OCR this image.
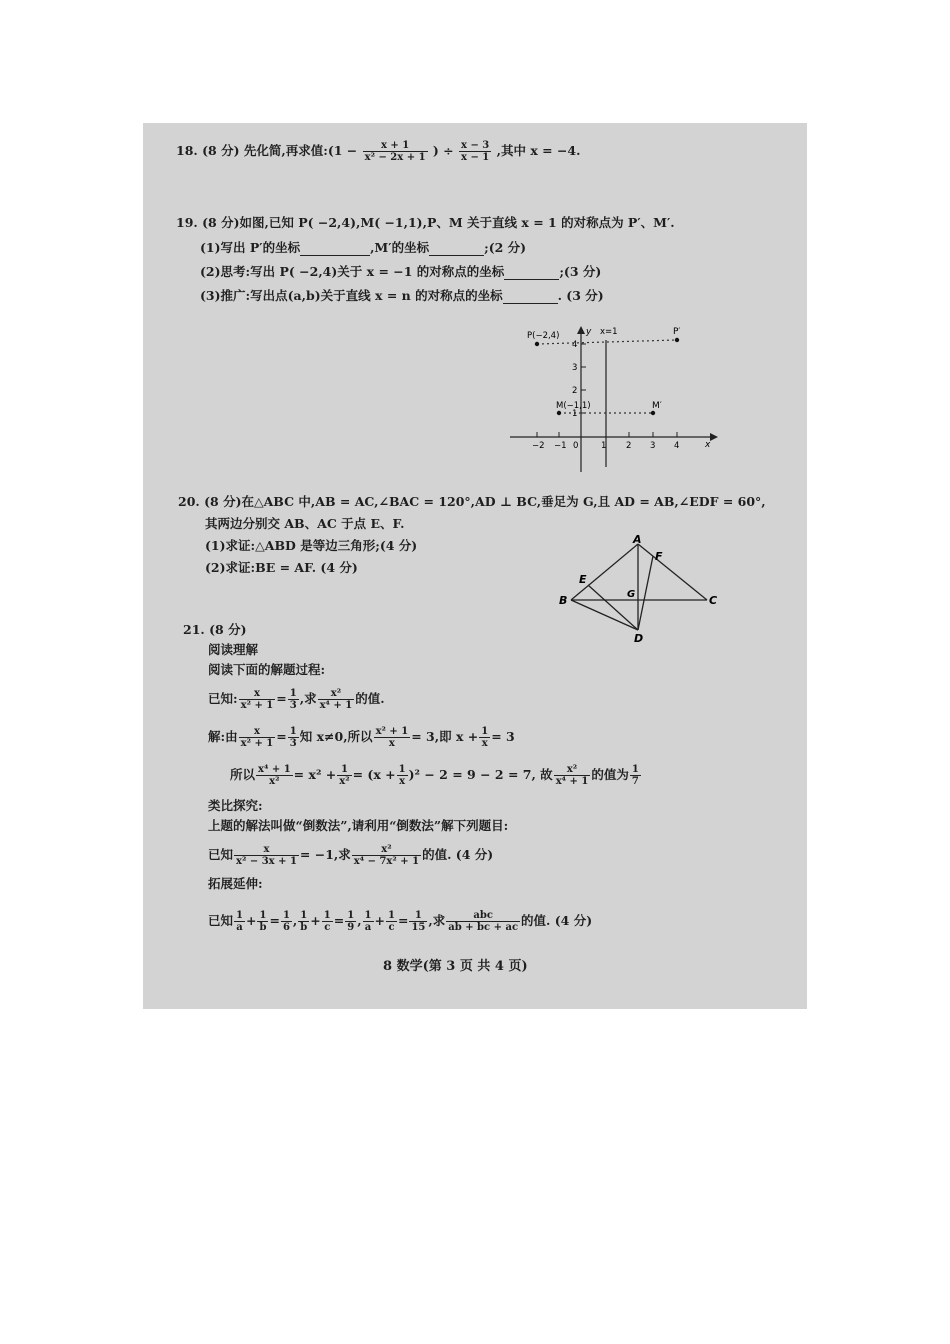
18. (8 分) 先化简,再求值:(1 − $\frac{x + 1}{\text{x² − 2x + 1}}$ ) ÷ $\frac{x - 3}{x - 1}$ ,其中 x = −4.
19. (8 分)如图,已知 P( −2,4),M( −1,1),P、M 关于直线 x = 1 的对称点为 P′、M′.
(1)写出 P′的坐标	,M′的坐标	;(2 分)
(2)思考:写出 P( −2,4)关于 x = −1 的对称点的坐标	;(3 分)
(3)推广:写出点(a,b)关于直线 x = n 的对称点的坐标	. (3 分)
P(−2,4)	P′
M(−1,1)	M′
y x=1
x
0
−2 −1	1 2 3 4
4
3
2
1
20. (8 分)在△ABC 中,AB = AC,∠BAC = 120°,AD ⊥ BC,垂足为 G,且 AD = AB,∠EDF = 60°,
其两边分别交 AB、AC 于点 E、F.
(1)求证:△ABD 是等边三角形;(4 分)
(2)求证:BE = AF. (4 分)
A
B	C
D
E
F
G
21. (8 分)
阅读理解
阅读下面的解题过程:
已知: $\frac{x}{\text{x² + 1}} = \frac{1}{3}$ ,求 $\frac{\text{x²}}{\text{x⁴ + 1}}$ 的值.
解:由 $\frac{x}{\text{x² + 1}} = \frac{1}{3}$ 知 x≠0,所以 $\frac{\text{x² + 1}}{x} = 3$,即 $x + \frac{1}{x} = 3$
所以 $\frac{\text{x⁴ + 1}}{\text{x²}} = x^2 + \frac{1}{\text{x²}} = (x + \frac{1}{x} )^2 - 2 = 9 - 2 = 7$, 故 $\frac{\text{x²}}{\text{x⁴ + 1}}$ 的值为 $\frac{1}{7}$
类比探究:
上题的解法叫做“倒数法”,请利用“倒数法”解下列题目:
已知 $\frac{x}{\text{x² − 3x + 1}} = -1$,求 $\frac{\text{x²}}{\text{x⁴ − 7x² + 1}}$ 的值. (4 分)
拓展延伸:
已知 $\frac{1}{a} + \frac{1}{b} = \frac{1}{6}$ , $\frac{1}{b} + \frac{1}{c} = \frac{1}{9}$ , $\frac{1}{a} + \frac{1}{c} = \frac{1}{15}$ ,求 $\frac{\text{abc}}{ab + bc + ac}$ 的值. (4 分)
8 数学(第 3 页 共 4 页)
